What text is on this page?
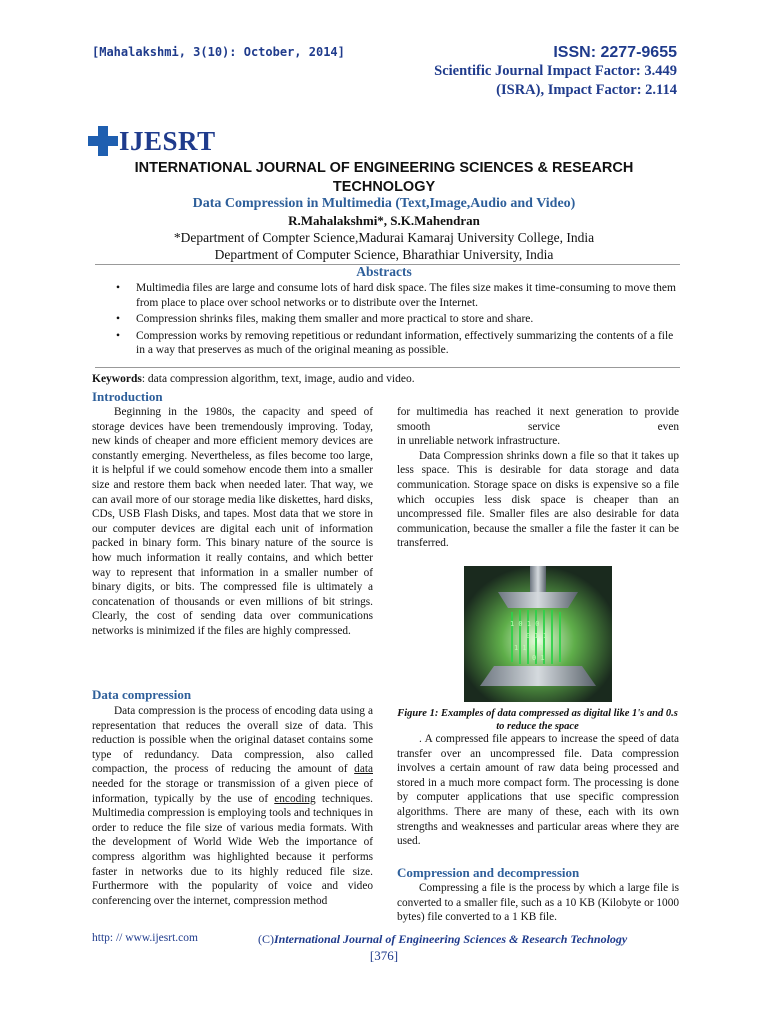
[Mahalakshmi, 3(10): October, 2014]	ISSN: 2277-9655
Scientific Journal Impact Factor: 3.449
(ISRA), Impact Factor: 2.114
IJESRT
INTERNATIONAL JOURNAL OF ENGINEERING SCIENCES & RESEARCH
TECHNOLOGY
Data Compression in Multimedia (Text,Image,Audio and Video)
R.Mahalakshmi*, S.K.Mahendran
*Department of Compter Science,Madurai Kamaraj University College, India
Department of Computer Science, Bharathiar University, India
Abstracts
• Multimedia files are large and consume lots of hard disk space. The files size makes it time-consuming to move them from place to place over school networks or to distribute over the Internet.
• Compression shrinks files, making them smaller and more practical to store and share.
• Compression works by removing repetitious or redundant information, effectively summarizing the contents of a file in a way that preserves as much of the original meaning as possible.
Keywords: data compression algorithm, text, image, audio and video.
Introduction

Beginning in the 1980s, the capacity and speed of storage devices have been tremendously improving. Today, new kinds of cheaper and more efficient memory devices are constantly emerging. Nevertheless, as files become too large, it is helpful if we could somehow encode them into a smaller size and restore them back when needed later. That way, we can avail more of our storage media like diskettes, hard disks, CDs, USB Flash Disks, and tapes. Most data that we store in our computer devices are digital each unit of information packed in binary form. This binary nature of the source is how much information it really contains, and which better way to represent that information in a smaller number of binary digits, or bits. The compressed file is ultimately a concatenation of thousands or even millions of bit strings. Clearly, the cost of sending data over communications networks is minimized if the files are highly compressed.

Data compression

Data compression is the process of encoding data using a representation that reduces the overall size of data. This reduction is possible when the original dataset contains some type of redundancy. Data compression, also called compaction, the process of reducing the amount of data needed for the storage or transmission of a given piece of information, typically by the use of encoding techniques. Multimedia compression is employing tools and techniques in order to reduce the file size of various media formats. With the development of World Wide Web the importance of compress algorithm was highlighted because it performs faster in networks due to its highly reduced file size. Furthermore with the popularity of voice and video conferencing over the internet, compression method

for multimedia has reached it next generation to provide smooth service even

in unreliable network infrastructure.

Data Compression shrinks down a file so that it takes up less space. This is desirable for data storage and data communication. Storage space on disks is expensive so a file which occupies less disk space is cheaper than an uncompressed file. Smaller files are also desirable for data communication, because the smaller a file the faster it can be transferred.

1 0 1 0
0 1 1
1 1 0 1
0 1
Figure 1: Examples of data compressed as digital like 1's and 0.s to reduce the space

. A compressed file appears to increase the speed of data transfer over an uncompressed file. Data compression involves a certain amount of raw data being processed and stored in a much more compact form. The processing is done by computer applications that use specific compression algorithms. There are many of these, each with its own strengths and weaknesses and particular areas where they are used.

Compression and decompression

Compressing a file is the process by which a large file is converted to a smaller file, such as a 10 KB (Kilobyte or 1000 bytes) file converted to a 1 KB file.

http: // www.ijesrt.com	(C)International Journal of Engineering Sciences & Research Technology
[376]
